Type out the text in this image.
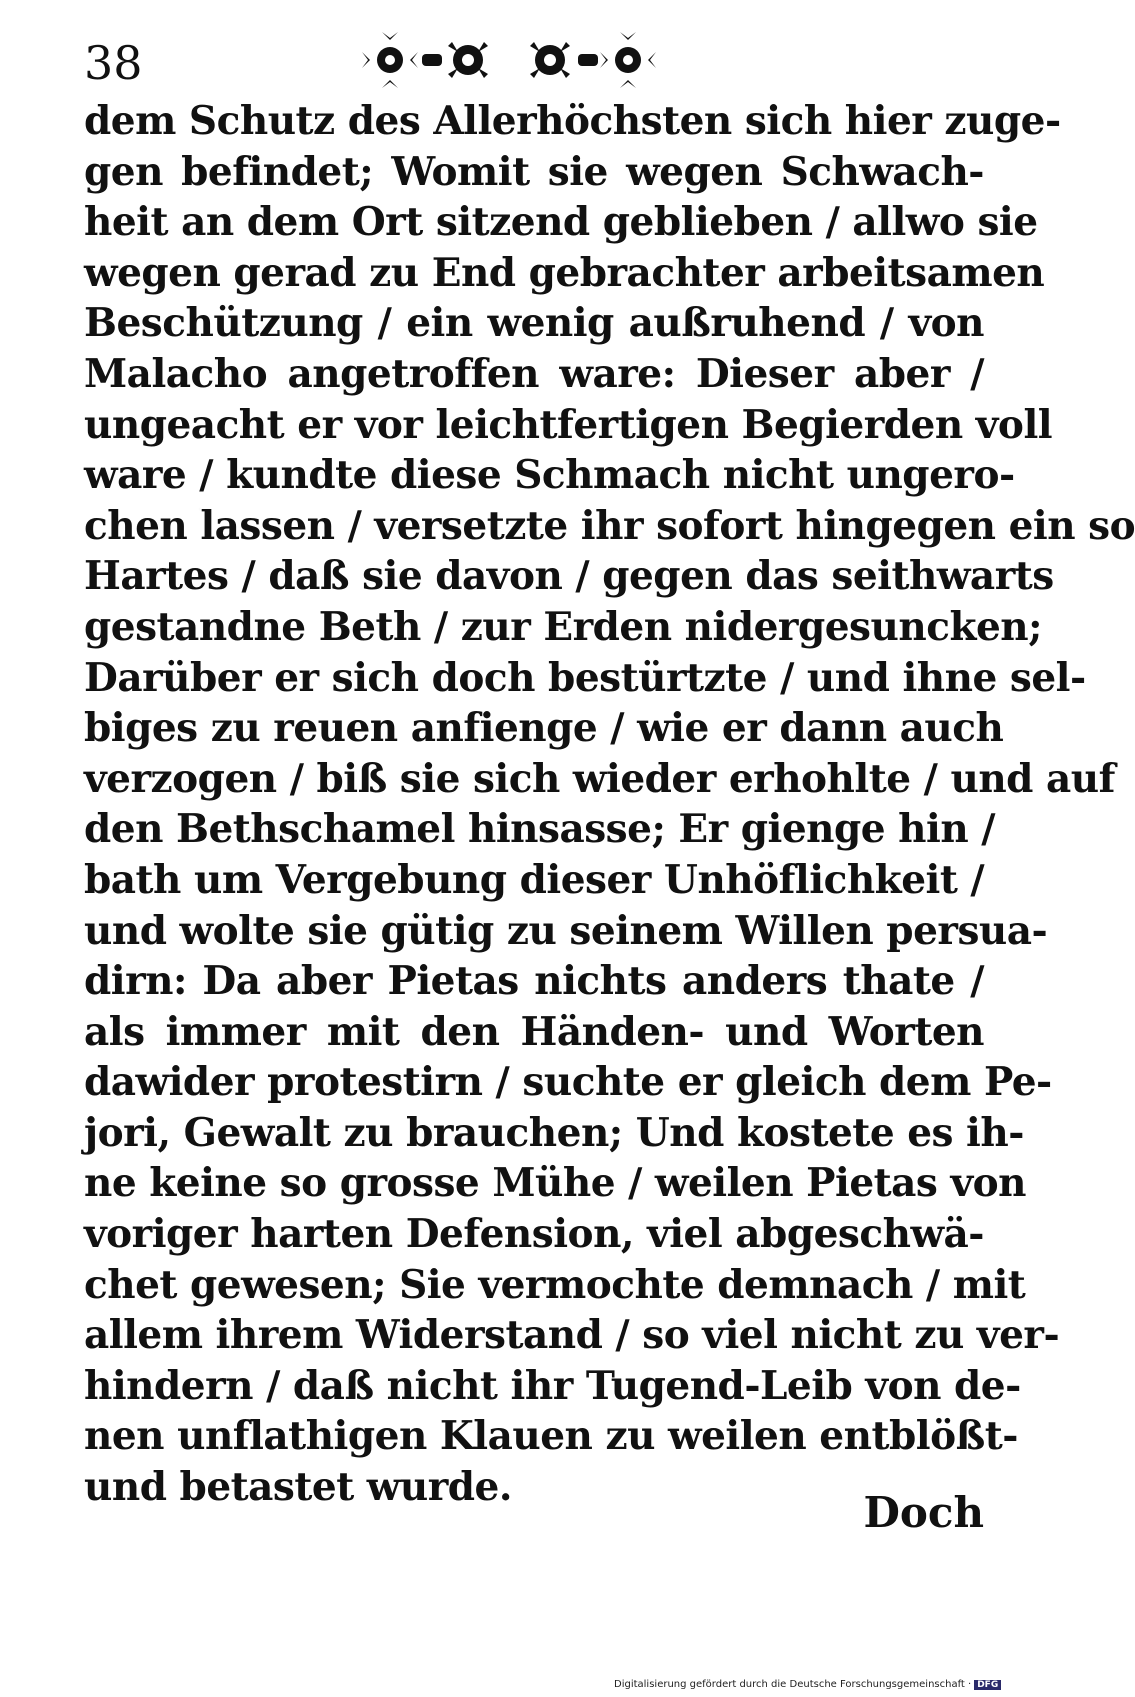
38
dem Schutz des Allerhöchsten sich hier zuge-
gen befindet; Womit sie wegen Schwach-
heit an dem Ort sitzend geblieben / allwo sie
wegen gerad zu End gebrachter arbeitsamen
Beschützung / ein wenig außruhend / von
Malacho angetroffen ware: Dieser aber /
ungeacht er vor leichtfertigen Begierden voll
ware / kundte diese Schmach nicht ungero-
chen lassen / versetzte ihr sofort hingegen ein so
Hartes / daß sie davon / gegen das seithwarts
gestandne Beth / zur Erden nidergesuncken;
Darüber er sich doch bestürtzte / und ihne sel-
biges zu reuen anfienge / wie er dann auch
verzogen / biß sie sich wieder erhohlte / und auf
den Bethschamel hinsasse; Er gienge hin /
bath um Vergebung dieser Unhöflichkeit /
und wolte sie gütig zu seinem Willen persua-
dirn: Da aber Pietas nichts anders thate /
als immer mit den Händen- und Worten
dawider protestirn / suchte er gleich dem Pe-
jori, Gewalt zu brauchen; Und kostete es ih-
ne keine so grosse Mühe / weilen Pietas von
voriger harten Defension, viel abgeschwä-
chet gewesen; Sie vermochte demnach / mit
allem ihrem Widerstand / so viel nicht zu ver-
hindern / daß nicht ihr Tugend-Leib von de-
nen unflathigen Klauen zu weilen entblößt-
und betastet wurde.
Doch
Digitalisierung gefördert durch die Deutsche Forschungsgemeinschaft · DFG
